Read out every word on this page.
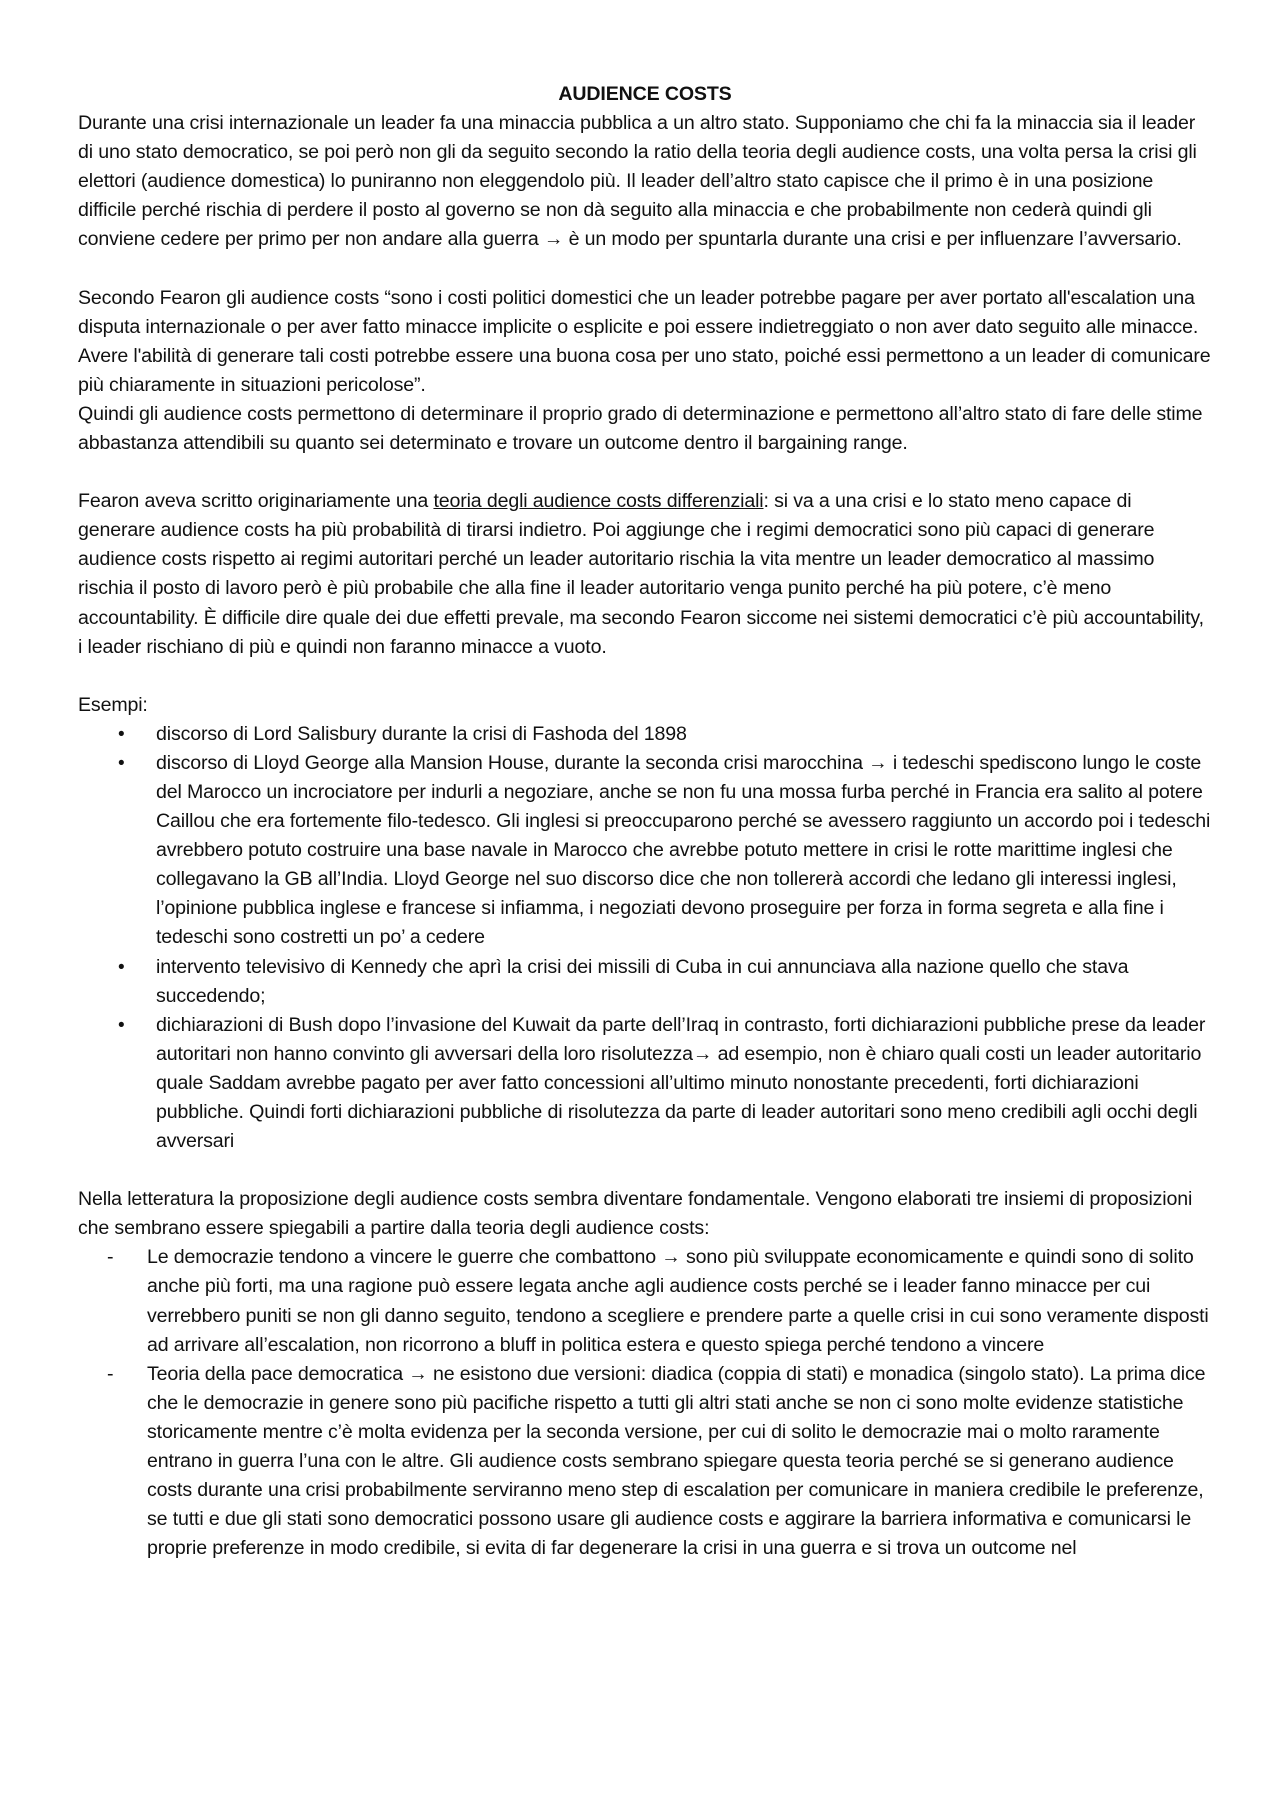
AUDIENCE COSTS

Durante una crisi internazionale un leader fa una minaccia pubblica a un altro stato. Supponiamo che chi fa la minaccia sia il leader di uno stato democratico, se poi però non gli da seguito secondo la ratio della teoria degli audience costs, una volta persa la crisi gli elettori (audience domestica) lo puniranno non eleggendolo più. Il leader dell’altro stato capisce che il primo è in una posizione difficile perché rischia di perdere il posto al governo se non dà seguito alla minaccia e che probabilmente non cederà quindi gli conviene cedere per primo per non andare alla guerra → è un modo per spuntarla durante una crisi e per influenzare l’avversario.

Secondo Fearon gli audience costs “sono i costi politici domestici che un leader potrebbe pagare per aver portato all'escalation una disputa internazionale o per aver fatto minacce implicite o esplicite e poi essere indietreggiato o non aver dato seguito alle minacce. Avere l'abilità di generare tali costi potrebbe essere una buona cosa per uno stato, poiché essi permettono a un leader di comunicare più chiaramente in situazioni pericolose”.

Quindi gli audience costs permettono di determinare il proprio grado di determinazione e permettono all’altro stato di fare delle stime abbastanza attendibili su quanto sei determinato e trovare un outcome dentro il bargaining range.

Fearon aveva scritto originariamente una teoria degli audience costs differenziali: si va a una crisi e lo stato meno capace di generare audience costs ha più probabilità di tirarsi indietro. Poi aggiunge che i regimi democratici sono più capaci di generare audience costs rispetto ai regimi autoritari perché un leader autoritario rischia la vita mentre un leader democratico al massimo rischia il posto di lavoro però è più probabile che alla fine il leader autoritario venga punito perché ha più potere, c’è meno accountability. È difficile dire quale dei due effetti prevale, ma secondo Fearon siccome nei sistemi democratici c’è più accountability, i leader rischiano di più e quindi non faranno minacce a vuoto.

Esempi:

• discorso di Lord Salisbury durante la crisi di Fashoda del 1898
• discorso di Lloyd George alla Mansion House, durante la seconda crisi marocchina → i tedeschi spediscono lungo le coste del Marocco un incrociatore per indurli a negoziare, anche se non fu una mossa furba perché in Francia era salito al potere Caillou che era fortemente filo-tedesco. Gli inglesi si preoccuparono perché se avessero raggiunto un accordo poi i tedeschi avrebbero potuto costruire una base navale in Marocco che avrebbe potuto mettere in crisi le rotte marittime inglesi che collegavano la GB all’India. Lloyd George nel suo discorso dice che non tollererà accordi che ledano gli interessi inglesi, l’opinione pubblica inglese e francese si infiamma, i negoziati devono proseguire per forza in forma segreta e alla fine i tedeschi sono costretti un po’ a cedere
• intervento televisivo di Kennedy che aprì la crisi dei missili di Cuba in cui annunciava alla nazione quello che stava succedendo;
• dichiarazioni di Bush dopo l’invasione del Kuwait da parte dell’Iraq in contrasto, forti dichiarazioni pubbliche prese da leader autoritari non hanno convinto gli avversari della loro risolutezza→ ad esempio, non è chiaro quali costi un leader autoritario quale Saddam avrebbe pagato per aver fatto concessioni all’ultimo minuto nonostante precedenti, forti dichiarazioni pubbliche. Quindi forti dichiarazioni pubbliche di risolutezza da parte di leader autoritari sono meno credibili agli occhi degli avversari

Nella letteratura la proposizione degli audience costs sembra diventare fondamentale. Vengono elaborati tre insiemi di proposizioni che sembrano essere spiegabili a partire dalla teoria degli audience costs:

- Le democrazie tendono a vincere le guerre che combattono → sono più sviluppate economicamente e quindi sono di solito anche più forti, ma una ragione può essere legata anche agli audience costs perché se i leader fanno minacce per cui verrebbero puniti se non gli danno seguito, tendono a scegliere e prendere parte a quelle crisi in cui sono veramente disposti ad arrivare all’escalation, non ricorrono a bluff in politica estera e questo spiega perché tendono a vincere
- Teoria della pace democratica → ne esistono due versioni: diadica (coppia di stati) e monadica (singolo stato). La prima dice che le democrazie in genere sono più pacifiche rispetto a tutti gli altri stati anche se non ci sono molte evidenze statistiche storicamente mentre c’è molta evidenza per la seconda versione, per cui di solito le democrazie mai o molto raramente entrano in guerra l’una con le altre. Gli audience costs sembrano spiegare questa teoria perché se si generano audience costs durante una crisi probabilmente serviranno meno step di escalation per comunicare in maniera credibile le preferenze, se tutti e due gli stati sono democratici possono usare gli audience costs e aggirare la barriera informativa e comunicarsi le proprie preferenze in modo credibile, si evita di far degenerare la crisi in una guerra e si trova un outcome nel
